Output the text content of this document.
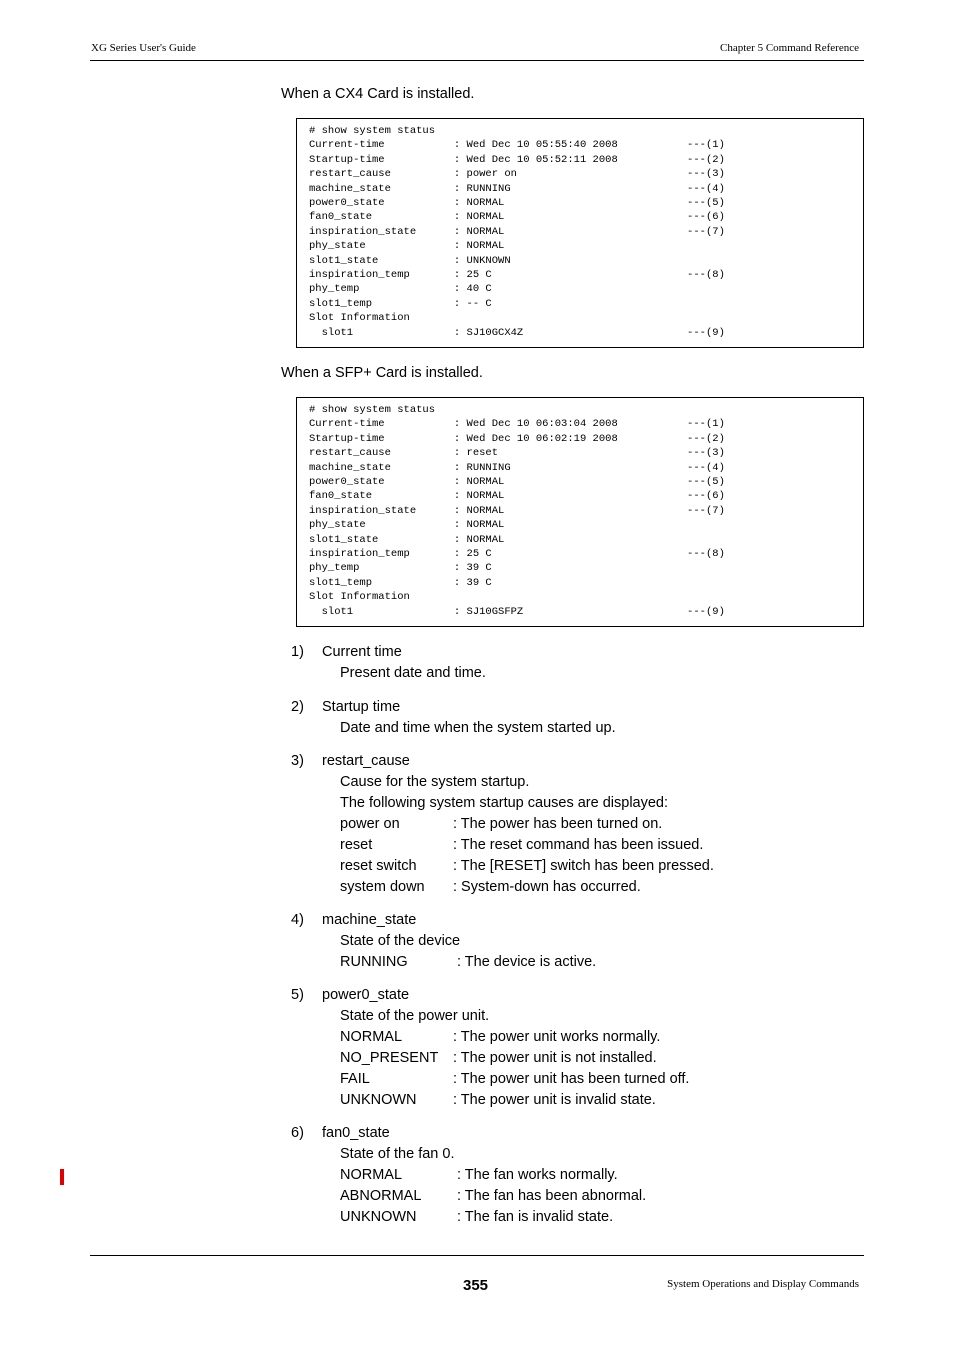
XG Series User's Guide	Chapter 5 Command Reference
When a CX4 Card is installed.
# show system status
Current-time           : Wed Dec 10 05:55:40 2008           ---(1)
Startup-time           : Wed Dec 10 05:52:11 2008           ---(2)
restart_cause          : power on                           ---(3)
machine_state          : RUNNING                            ---(4)
power0_state           : NORMAL                             ---(5)
fan0_state             : NORMAL                             ---(6)
inspiration_state      : NORMAL                             ---(7)
phy_state              : NORMAL
slot1_state            : UNKNOWN
inspiration_temp       : 25 C                               ---(8)
phy_temp               : 40 C
slot1_temp             : -- C
Slot Information
slot1                : SJ10GCX4Z                          ---(9)
When a SFP+ Card is installed.
# show system status
Current-time           : Wed Dec 10 06:03:04 2008           ---(1)
Startup-time           : Wed Dec 10 06:02:19 2008           ---(2)
restart_cause          : reset                              ---(3)
machine_state          : RUNNING                            ---(4)
power0_state           : NORMAL                             ---(5)
fan0_state             : NORMAL                             ---(6)
inspiration_state      : NORMAL                             ---(7)
phy_state              : NORMAL
slot1_state            : NORMAL
inspiration_temp       : 25 C                               ---(8)
phy_temp               : 39 C
slot1_temp             : 39 C
Slot Information
slot1                : SJ10GSFPZ                          ---(9)
1)	Current time
Present date and time.
2)	Startup time
Date and time when the system started up.
3)	restart_cause
Cause for the system startup.
The following system startup causes are displayed:
power on	: The power has been turned on.
reset	: The reset command has been issued.
reset switch	: The [RESET] switch has been pressed.
system down	: System-down has occurred.
4)	machine_state
State of the device
RUNNING	: The device is active.
5)	power0_state
State of the power unit.
NORMAL	: The power unit works normally.
NO_PRESENT	: The power unit is not installed.
FAIL	: The power unit has been turned off.
UNKNOWN	: The power unit is invalid state.
6)	fan0_state
State of the fan 0.
NORMAL	: The fan works normally.
ABNORMAL	: The fan has been abnormal.
UNKNOWN	: The fan is invalid state.
355	System Operations and Display Commands
